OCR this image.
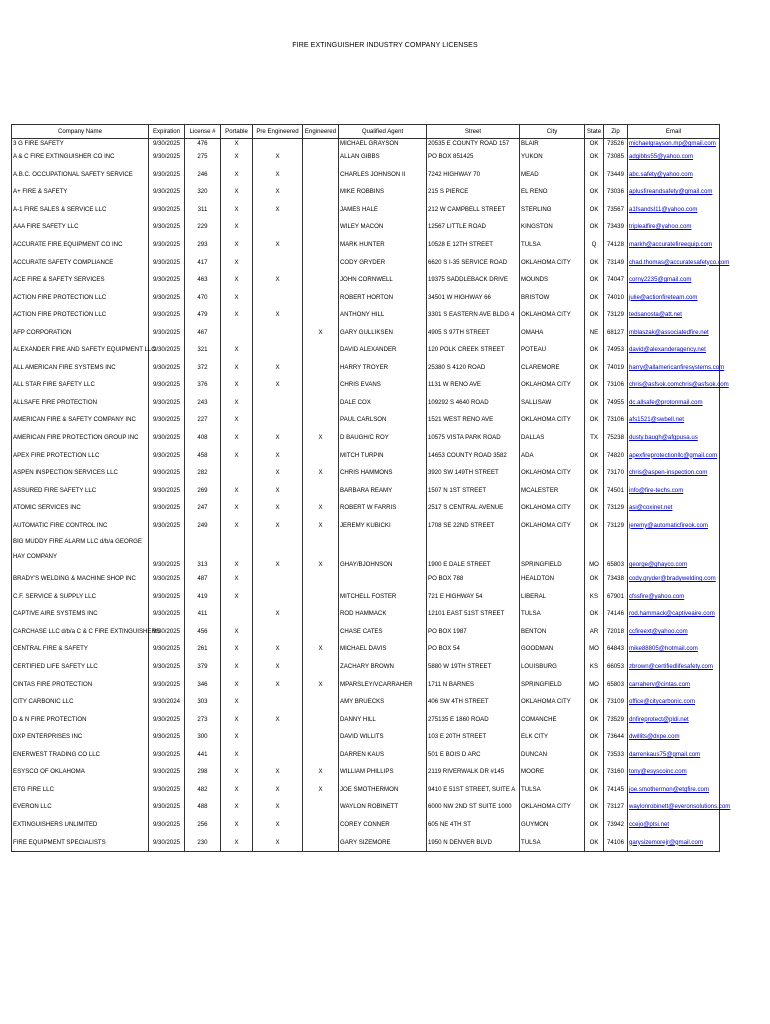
FIRE EXTINGUISHER INDUSTRY COMPANY LICENSES
Company Name	Expiration	License #	Portable	Pre Engineered	Engineered	Qualified Agent	Street	City	State	Zip	Email
3 G FIRE SAFETY	9/30/2025	476	X			MICHAEL GRAYSON	20535 E COUNTY ROAD 157	BLAIR	OK	73526	michaelgrayson.mp@gmail.com
A & C FIRE EXTINGUISHER CO INC	9/30/2025	275	X	X		ALLAN GIBBS	PO BOX 851425	YUKON	OK	73085	adgibbs55@yahoo.com
A.B.C. OCCUPATIONAL SAFETY SERVICE	9/30/2025	246	X	X		CHARLES JOHNSON II	7242 HIGHWAY 70	MEAD	OK	73449	abc.safety@yahoo.com
A+ FIRE & SAFETY	9/30/2025	320	X	X		MIKE ROBBINS	215 S PIERCE	EL RENO	OK	73036	aplusfireandsafety@gmail.com
A-1 FIRE SALES & SERVICE LLC	9/30/2025	311	X	X		JAMES HALE	212 W CAMPBELL STREET	STERLING	OK	73567	a1fsandsl11@yahoo.com
AAA FIRE SAFETY LLC	9/30/2025	229	X			WILEY MACON	12567 LITTLE ROAD	KINGSTON	OK	73439	triplealfire@yahoo.com
ACCURATE FIRE EQUIPMENT CO INC	9/30/2025	293	X	X		MARK HUNTER	10528 E 12TH STREET	TULSA	Q	74128	markh@accuratefireequip.com
ACCURATE SAFETY COMPLIANCE	9/30/2025	417	X			CODY GRYDER	6620 S I-35 SERVICE ROAD	OKLAHOMA CITY	OK	73149	chad.thomas@accuratesafetyco.com
ACE FIRE & SAFETY SERVICES	9/30/2025	463	X	X		JOHN CORNWELL	19375 SADDLEBACK DRIVE	MOUNDS	OK	74047	corny2235@gmail.com
ACTION FIRE PROTECTION LLC	9/30/2025	470	X			ROBERT HORTON	34501 W HIGHWAY 66	BRISTOW	OK	74010	julie@actionfireteam.com
ACTION FIRE PROTECTION LLC	9/30/2025	479	X	X		ANTHONY HILL	3301 S EASTERN AVE BLDG 4	OKLAHOMA CITY	OK	73129	tedsanosta@att.net
AFP CORPORATION	9/30/2025	467			X	GARY GULLIKSEN	4905 S 97TH STREET	OMAHA	NE	68127	mblaszak@associatedfire.net
ALEXANDER FIRE AND SAFETY EQUIPMENT LLC	9/30/2025	321	X			DAVID ALEXANDER	120 POLK CREEK STREET	POTEAU	OK	74953	david@alexanderagency.net
ALL AMERICAN FIRE SYSTEMS INC	9/30/2025	372	X	X		HARRY TROYER	25380 S 4120 ROAD	CLAREMORE	OK	74019	harry@allamericanfiresystems.com
ALL STAR FIRE SAFETY LLC	9/30/2025	376	X	X		CHRIS EVANS	1131 W RENO AVE	OKLAHOMA CITY	OK	73106	chris@asfsok.comchris@asfsok.com
ALLSAFE FIRE PROTECTION	9/30/2025	243	X			DALE COX	109292 S 4640 ROAD	SALLISAW	OK	74955	dc.allsafe@protonmail.com
AMERICAN FIRE & SAFETY COMPANY INC	9/30/2025	227	X			PAUL CARLSON	1521 WEST RENO AVE	OKLAHOMA CITY	OK	73106	afs1521@swbell.net
AMERICAN FIRE PROTECTION GROUP INC	9/30/2025	408	X	X	X	D BAUGH/C ROY	10575 VISTA PARK ROAD	DALLAS	TX	75238	dusty.baugh@afgpusa.us
APEX FIRE PROTECTION LLC	9/30/2025	458	X	X		MITCH TURPIN	14653 COUNTY ROAD 3582	ADA	OK	74820	apexfireprotectionllc@gmail.com
ASPEN INSPECTION SERVICES LLC	9/30/2025	282		X	X	CHRIS HAMMONS	3920 SW 149TH STREET	OKLAHOMA CITY	OK	73170	chris@aspen-inspection.com
ASSURED FIRE SAFETY LLC	9/30/2025	269	X	X		BARBARA REAMY	1507 N 1ST STREET	MCALESTER	OK	74501	info@fire-techs.com
ATOMIC SERVICES INC	9/30/2025	247	X	X	X	ROBERT W FARRIS	2517 S CENTRAL AVENUE	OKLAHOMA CITY	OK	73129	asi@coxinet.net
AUTOMATIC FIRE CONTROL INC	9/30/2025	249	X	X	X	JEREMY KUBICKI	1708 SE 22ND STREET	OKLAHOMA CITY	OK	73129	jeremy@automaticfireok.com
BIG MUDDY FIRE ALARM LLC d/b/a GEORGE HAY COMPANY	9/30/2025	313	X	X	X	GHAY/BJOHNSON	1900 E DALE STREET	SPRINGFIELD	MO	65803	george@ghayco.com
BRADY'S WELDING & MACHINE SHOP INC	9/30/2025	487	X				PO BOX 788	HEALDTON	OK	73438	cody.gryder@bradywelding.com
C.F. SERVICE & SUPPLY LLC	9/30/2025	419	X			MITCHELL FOSTER	721 E HIGHWAY 54	LIBERAL	KS	67901	cfssfire@yahoo.com
CAPTIVE AIRE SYSTEMS INC	9/30/2025	411		X		ROD HAMMACK	12101 EAST 51ST STREET	TULSA	OK	74146	rod.hammack@captiveaire.com
CARCHASE LLC d/b/a C & C FIRE EXTINGUISHERS	9/30/2025	456	X			CHASE CATES	PO BOX 1987	BENTON	AR	72018	ccfireext@yahoo.com
CENTRAL FIRE & SAFETY	9/30/2025	261	X	X	X	MICHAEL DAVIS	PO BOX 54	GOODMAN	MO	64843	mike88805@hotmail.com
CERTIFIED LIFE SAFETY LLC	9/30/2025	379	X	X		ZACHARY BROWN	5880 W 19TH STREET	LOUISBURG	KS	66053	zbrown@certifiedlifesafety.com
CINTAS FIRE PROTECTION	9/30/2025	346	X	X	X	MPARSLEY/VCARRAHER	1711 N BARNES	SPRINGFIELD	MO	65803	carraherv@cintas.com
CITY CARBONIC LLC	9/30/2024	303	X			AMY BRUECKS	406 SW 4TH STREET	OKLAHOMA CITY	OK	73109	office@citycarbonic.com
D & N FIRE PROTECTION	9/30/2025	273	X	X		DANNY HILL	275135 E 1860 ROAD	COMANCHE	OK	73529	dnfireprotect@pldi.net
DXP ENTERPRISES INC	9/30/2025	300	X			DAVID WILLITS	103 E 20TH STREET	ELK CITY	OK	73644	dwillits@dxpe.com
ENERWEST TRADING CO LLC	9/30/2025	441	X			DARREN KAUS	501 E BOIS D ARC	DUNCAN	OK	73533	darrenkaus75@gmail.com
ESYSCO OF OKLAHOMA	9/30/2025	298	X	X	X	WILLIAM PHILLIPS	2119 RIVERWALK DR #145	MOORE	OK	73160	tony@esyscoinc.com
ETG FIRE LLC	9/30/2025	482	X	X	X	JOE SMOTHERMON	9410 E 51ST STREET, SUITE A	TULSA	OK	74145	joe.smothermon@etgfire.com
EVERON LLC	9/30/2025	488	X	X		WAYLON ROBINETT	6000 NW 2ND ST SUITE 1000	OKLAHOMA CITY	OK	73127	waylonrobinett@everonsolutions.com
EXTINGUISHERS UNLIMITED	9/30/2025	256	X	X		COREY CONNER	605 NE 4TH ST	GUYMON	OK	73942	ccejo@ptsi.net
FIRE EQUIPMENT SPECIALISTS	9/30/2025	230	X	X		GARY SIZEMORE	1950 N DENVER BLVD	TULSA	OK	74106	garysizemorejr@gmail.com
